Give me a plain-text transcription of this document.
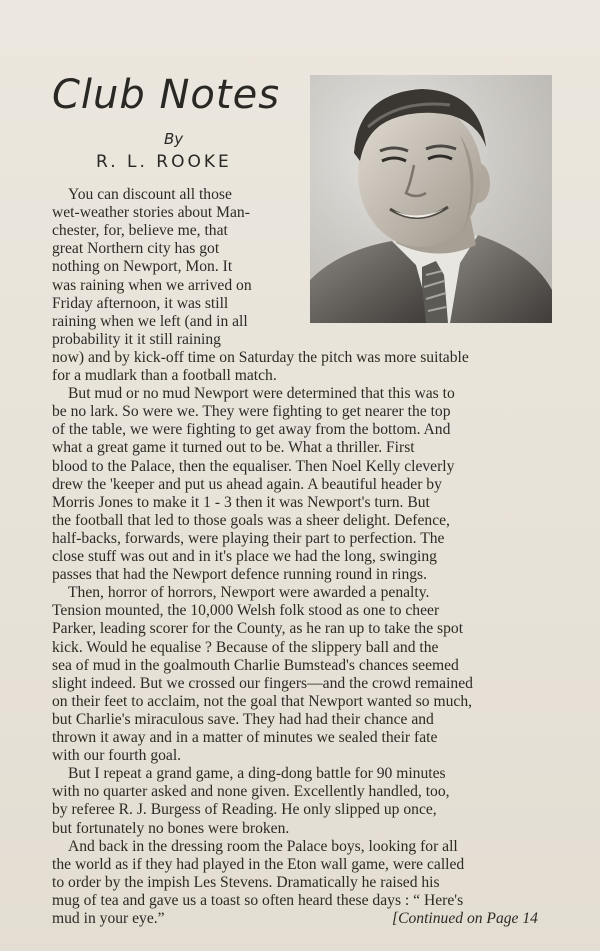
Club Notes
By
R. L. ROOKE

You can discount all those

wet-weather stories about Man-

chester, for, believe me, that

great Northern city has got

nothing on Newport, Mon. It

was raining when we arrived on

Friday afternoon, it was still

raining when we left (and in all

probability it it still raining

now) and by kick-off time on Saturday the pitch was more suitable

for a mudlark than a football match.

But mud or no mud Newport were determined that this was to

be no lark. So were we. They were fighting to get nearer the top

of the table, we were fighting to get away from the bottom. And

what a great game it turned out to be. What a thriller. First

blood to the Palace, then the equaliser. Then Noel Kelly cleverly

drew the 'keeper and put us ahead again. A beautiful header by

Morris Jones to make it 1 - 3 then it was Newport's turn. But

the football that led to those goals was a sheer delight. Defence,

half-backs, forwards, were playing their part to perfection. The

close stuff was out and in it's place we had the long, swinging

passes that had the Newport defence running round in rings.

Then, horror of horrors, Newport were awarded a penalty.

Tension mounted, the 10,000 Welsh folk stood as one to cheer

Parker, leading scorer for the County, as he ran up to take the spot

kick. Would he equalise ? Because of the slippery ball and the

sea of mud in the goalmouth Charlie Bumstead's chances seemed

slight indeed. But we crossed our fingers—and the crowd remained

on their feet to acclaim, not the goal that Newport wanted so much,

but Charlie's miraculous save. They had had their chance and

thrown it away and in a matter of minutes we sealed their fate

with our fourth goal.

But I repeat a grand game, a ding-dong battle for 90 minutes

with no quarter asked and none given. Excellently handled, too,

by referee R. J. Burgess of Reading. He only slipped up once,

but fortunately no bones were broken.

And back in the dressing room the Palace boys, looking for all

the world as if they had played in the Eton wall game, were called

to order by the impish Les Stevens. Dramatically he raised his

mug of tea and gave us a toast so often heard these days : “ Here's

mud in your eye.”	[Continued on Page 14
